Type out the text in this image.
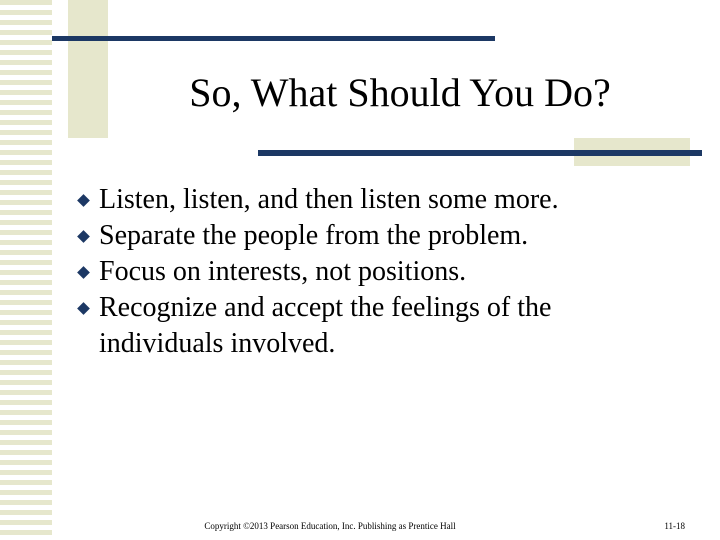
So, What Should You Do?
Listen, listen, and then listen some more.
Separate the people from the problem.
Focus on interests, not positions.
Recognize and accept the feelings of the individuals involved.
Copyright ©2013 Pearson Education, Inc. Publishing as Prentice Hall	11-18
